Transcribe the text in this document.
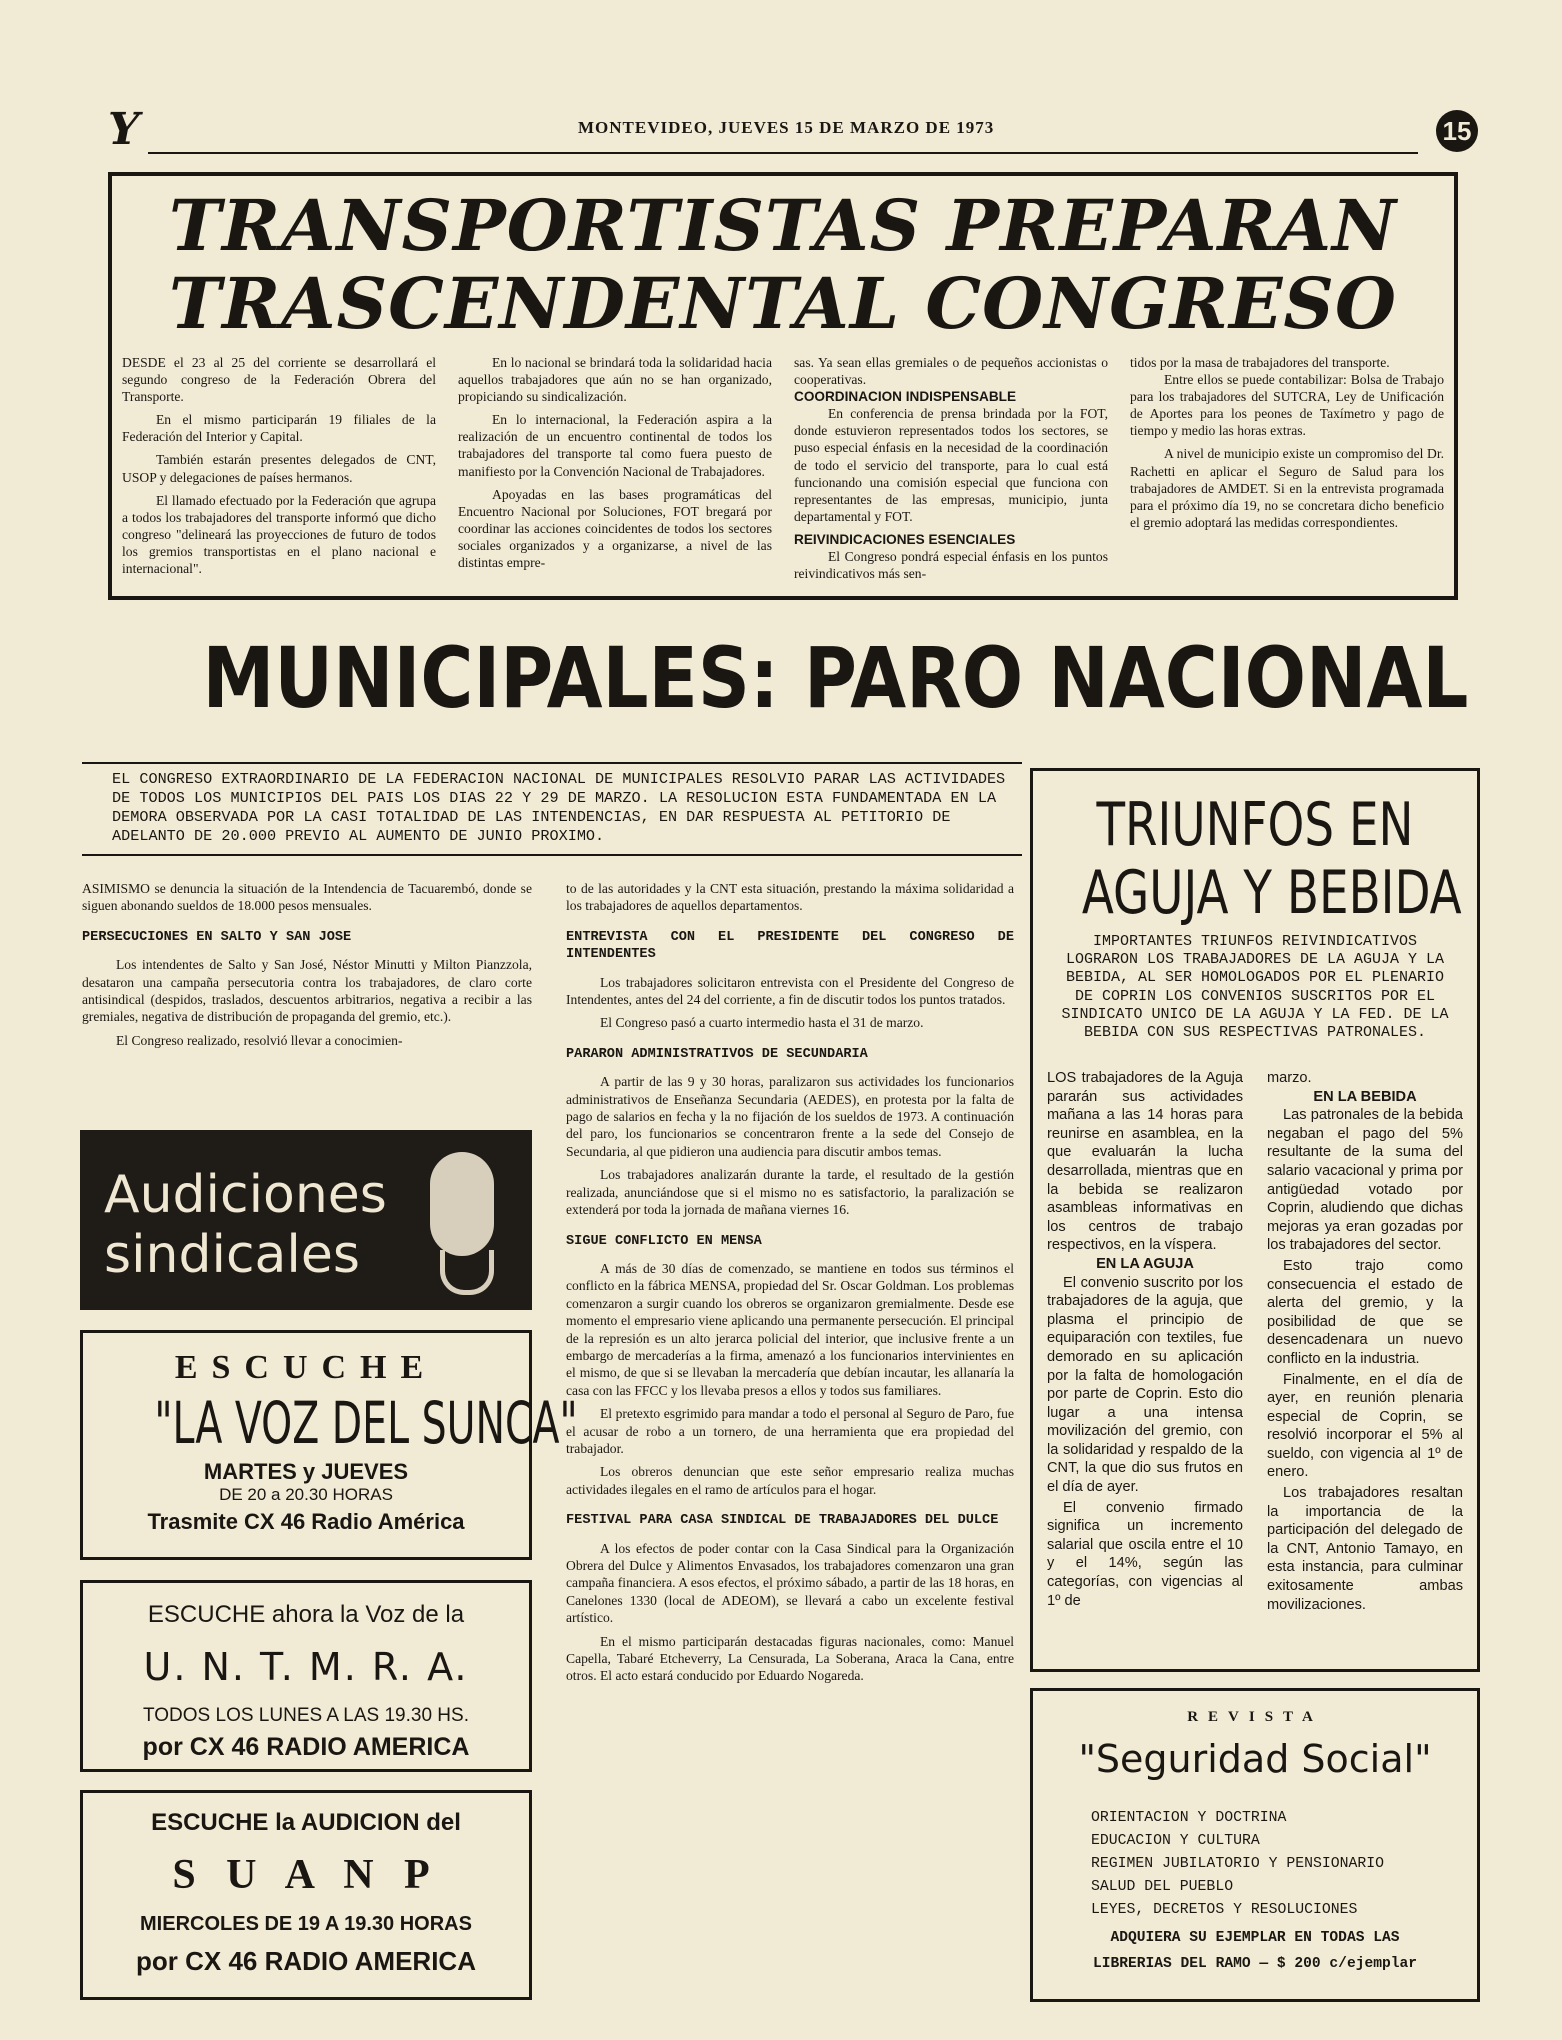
Y	MONTEVIDEO, JUEVES 15 DE MARZO DE 1973	15
TRANSPORTISTAS PREPARAN
TRASCENDENTAL CONGRESO

DESDE el 23 al 25 del corriente se desarrollará el segundo congreso de la Federación Obrera del Transporte.

En el mismo participarán 19 filiales de la Federación del Interior y Capital.

También estarán presentes delegados de CNT, USOP y delegaciones de países hermanos.

El llamado efectuado por la Federación que agrupa a todos los trabajadores del transporte informó que dicho congreso "delineará las proyecciones de futuro de todos los gremios transportistas en el plano nacional e internacional".

En lo nacional se brindará toda la solidaridad hacia aquellos trabajadores que aún no se han organizado, propiciando su sindicalización.

En lo internacional, la Federación aspira a la realización de un encuentro continental de todos los trabajadores del transporte tal como fuera puesto de manifiesto por la Convención Nacional de Trabajadores.

Apoyadas en las bases programáticas del Encuentro Nacional por Soluciones, FOT bregará por coordinar las acciones coincidentes de todos los sectores sociales organizados y a organizarse, a nivel de las distintas empre-

sas. Ya sean ellas gremiales o de pequeños accionistas o cooperativas.

COORDINACION INDISPENSABLE

En conferencia de prensa brindada por la FOT, donde estuvieron representados todos los sectores, se puso especial énfasis en la necesidad de la coordinación de todo el servicio del transporte, para lo cual está funcionando una comisión especial que funciona con representantes de las empresas, municipio, junta departamental y FOT.

REIVINDICACIONES ESENCIALES

El Congreso pondrá especial énfasis en los puntos reivindicativos más sen-

tidos por la masa de trabajadores del transporte.

Entre ellos se puede contabilizar: Bolsa de Trabajo para los trabajadores del SUTCRA, Ley de Unificación de Aportes para los peones de Taxímetro y pago de tiempo y medio las horas extras.

A nivel de municipio existe un compromiso del Dr. Rachetti en aplicar el Seguro de Salud para los trabajadores de AMDET. Si en la entrevista programada para el próximo día 19, no se concretara dicho beneficio el gremio adoptará las medidas correspondientes.

MUNICIPALES: PARO NACIONAL
EL CONGRESO EXTRAORDINARIO DE LA FEDERACION NACIONAL DE MUNICIPALES RESOLVIO PARAR LAS ACTIVIDADES DE TODOS LOS MUNICIPIOS DEL PAIS LOS DIAS 22 Y 29 DE MARZO. LA RESOLUCION ESTA FUNDAMENTADA EN LA DEMORA OBSERVADA POR LA CASI TOTALIDAD DE LAS INTENDENCIAS, EN DAR RESPUESTA AL PETITORIO DE ADELANTO DE 20.000 PREVIO AL AUMENTO DE JUNIO PROXIMO.

ASIMISMO se denuncia la situación de la Intendencia de Tacuarembó, donde se siguen abonando sueldos de 18.000 pesos mensuales.

PERSECUCIONES EN SALTO Y SAN JOSE

Los intendentes de Salto y San José, Néstor Minutti y Milton Pianzzola, desataron una campaña persecutoria contra los trabajadores, de claro corte antisindical (despidos, traslados, descuentos arbitrarios, negativa a recibir a las gremiales, negativa de distribución de propaganda del gremio, etc.).

El Congreso realizado, resolvió llevar a conocimien-

to de las autoridades y la CNT esta situación, prestando la máxima solidaridad a los trabajadores de aquellos departamentos.

ENTREVISTA CON EL PRESIDENTE DEL CONGRESO DE INTENDENTES

Los trabajadores solicitaron entrevista con el Presidente del Congreso de Intendentes, antes del 24 del corriente, a fin de discutir todos los puntos tratados.

El Congreso pasó a cuarto intermedio hasta el 31 de marzo.

PARARON ADMINISTRATIVOS DE SECUNDARIA

A partir de las 9 y 30 horas, paralizaron sus actividades los funcionarios administrativos de Enseñanza Secundaria (AEDES), en protesta por la falta de pago de salarios en fecha y la no fijación de los sueldos de 1973. A continuación del paro, los funcionarios se concentraron frente a la sede del Consejo de Secundaria, al que pidieron una audiencia para discutir ambos temas.

Los trabajadores analizarán durante la tarde, el resultado de la gestión realizada, anunciándose que si el mismo no es satisfactorio, la paralización se extenderá por toda la jornada de mañana viernes 16.

SIGUE CONFLICTO EN MENSA

A más de 30 días de comenzado, se mantiene en todos sus términos el conflicto en la fábrica MENSA, propiedad del Sr. Oscar Goldman. Los problemas comenzaron a surgir cuando los obreros se organizaron gremialmente. Desde ese momento el empresario viene aplicando una permanente persecución. El principal de la represión es un alto jerarca policial del interior, que inclusive frente a un embargo de mercaderías a la firma, amenazó a los funcionarios intervinientes en el mismo, de que si se llevaban la mercadería que debían incautar, les allanaría la casa con las FFCC y los llevaba presos a ellos y todos sus familiares.

El pretexto esgrimido para mandar a todo el personal al Seguro de Paro, fue el acusar de robo a un tornero, de una herramienta que era propiedad del trabajador.

Los obreros denuncian que este señor empresario realiza muchas actividades ilegales en el ramo de artículos para el hogar.

FESTIVAL PARA CASA SINDICAL DE TRABAJADORES DEL DULCE

A los efectos de poder contar con la Casa Sindical para la Organización Obrera del Dulce y Alimentos Envasados, los trabajadores comenzaron una gran campaña financiera. A esos efectos, el próximo sábado, a partir de las 18 horas, en Canelones 1330 (local de ADEOM), se llevará a cabo un excelente festival artístico.

En el mismo participarán destacadas figuras nacionales, como: Manuel Capella, Tabaré Etcheverry, La Censurada, La Soberana, Araca la Cana, entre otros. El acto estará conducido por Eduardo Nogareda.

Audiciones
sindicales
ESCUCHE
"LA VOZ DEL SUNCA"
MARTES y JUEVES
DE 20 a 20.30 HORAS
Trasmite CX 46 Radio América
ESCUCHE ahora la Voz de la
U. N. T. M. R. A.
TODOS LOS LUNES A LAS 19.30 HS.
por CX 46 RADIO AMERICA
ESCUCHE la AUDICION del
S U A N P
MIERCOLES DE 19 A 19.30 HORAS
por CX 46 RADIO AMERICA
TRIUNFOS EN
AGUJA Y BEBIDA
IMPORTANTES TRIUNFOS REIVINDICATIVOS LOGRARON LOS TRABAJADORES DE LA AGUJA Y LA BEBIDA, AL SER HOMOLOGADOS POR EL PLENARIO DE COPRIN LOS CONVENIOS SUSCRITOS POR EL SINDICATO UNICO DE LA AGUJA Y LA FED. DE LA BEBIDA CON SUS RESPECTIVAS PATRONALES.

LOS trabajadores de la Aguja pararán sus actividades mañana a las 14 horas para reunirse en asamblea, en la que evaluarán la lucha desarrollada, mientras que en la bebida se realizaron asambleas informativas en los centros de trabajo respectivos, en la víspera.

EN LA AGUJA

El convenio suscrito por los trabajadores de la aguja, que plasma el principio de equiparación con textiles, fue demorado en su aplicación por la falta de homologación por parte de Coprin. Esto dio lugar a una intensa movilización del gremio, con la solidaridad y respaldo de la CNT, la que dio sus frutos en el día de ayer.

El convenio firmado significa un incremento salarial que oscila entre el 10 y el 14%, según las categorías, con vigencias al 1º de

marzo.

EN LA BEBIDA

Las patronales de la bebida negaban el pago del 5% resultante de la suma del salario vacacional y prima por antigüedad votado por Coprin, aludiendo que dichas mejoras ya eran gozadas por los trabajadores del sector.

Esto trajo como consecuencia el estado de alerta del gremio, y la posibilidad de que se desencadenara un nuevo conflicto en la industria.

Finalmente, en el día de ayer, en reunión plenaria especial de Coprin, se resolvió incorporar el 5% al sueldo, con vigencia al 1º de enero.

Los trabajadores resaltan la importancia de la participación del delegado de la CNT, Antonio Tamayo, en esta instancia, para culminar exitosamente ambas movilizaciones.

REVISTA
"Seguridad Social"
ORIENTACION Y DOCTRINA
EDUCACION Y CULTURA
REGIMEN JUBILATORIO Y PENSIONARIO
SALUD DEL PUEBLO
LEYES, DECRETOS Y RESOLUCIONES
ADQUIERA SU EJEMPLAR EN TODAS LAS
LIBRERIAS DEL RAMO — $ 200 c/ejemplar
